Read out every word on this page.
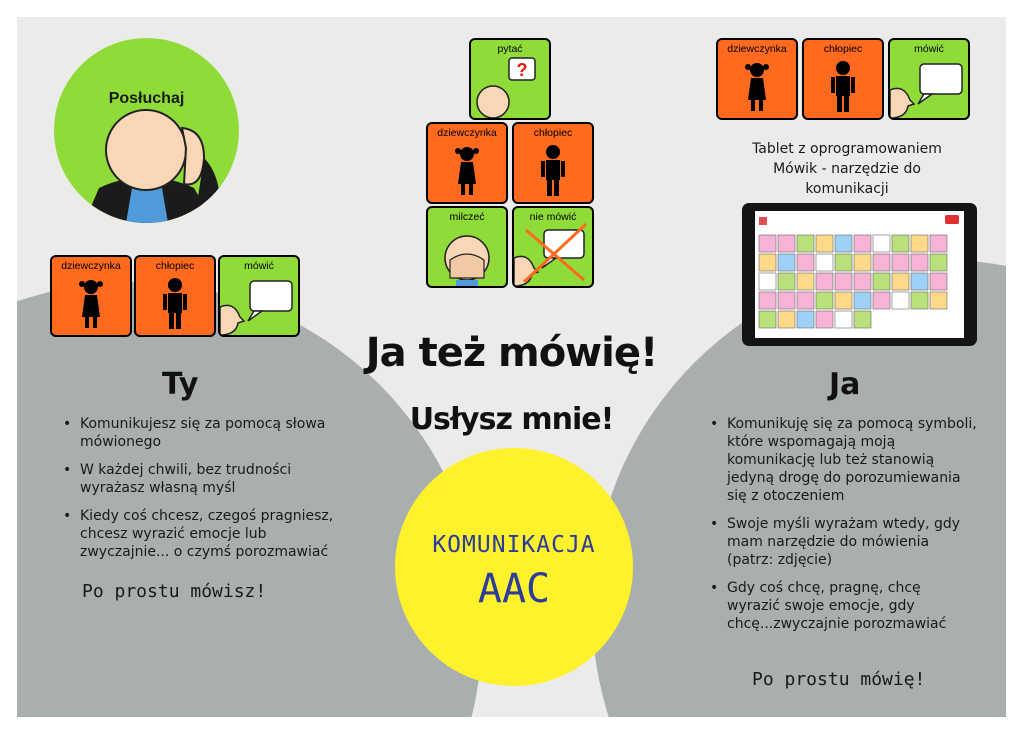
Posłuchaj
dziewczynka	chłopiec	mówić
pytać
?
dziewczynka	chłopiec
milczeć	nie mówić
dziewczynka	chłopiec	mówić
Tablet z oprogramowaniem
Mówik - narzędzie do
komunikacji
Ja też mówię!
Usłysz mnie!
Ty	Ja
• Komunikujesz się za pomocą słowa mówionego
• W każdej chwili, bez trudności wyrażasz własną myśl
• Kiedy coś chcesz, czegoś pragniesz, chcesz wyrazić emocje lub zwyczajnie... o czymś porozmawiać
Po prostu mówisz!
• Komunikuję się za pomocą symboli, które wspomagają moją komunikację lub też stanowią jedyną drogę do porozumiewania się z otoczeniem
• Swoje myśli wyrażam wtedy, gdy mam narzędzie do mówienia (patrz: zdjęcie)
• Gdy coś chcę, pragnę, chcę wyrazić swoje emocje, gdy chcę...zwyczajnie porozmawiać
Po prostu mówię!
KOMUNIKACJA
AAC
